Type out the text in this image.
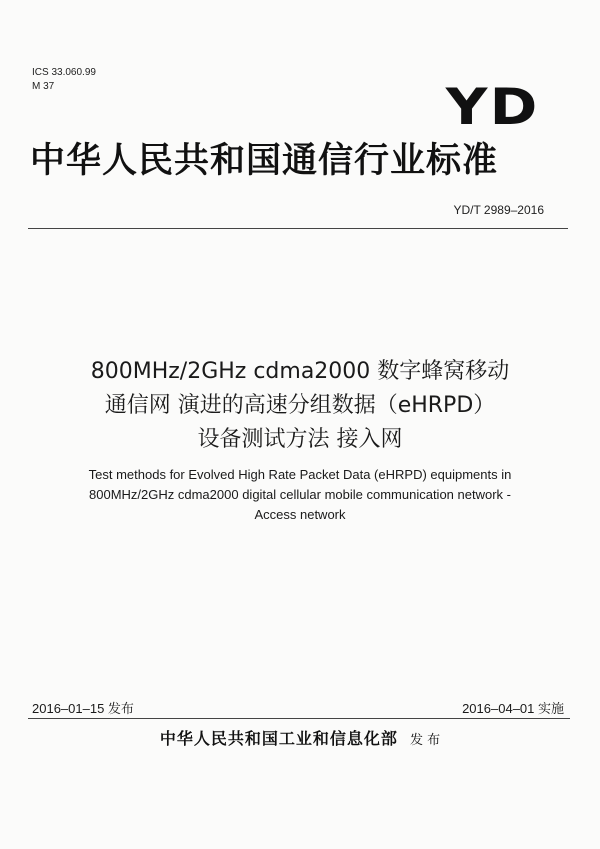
ICS 33.060.99
M 37	YD
中华人民共和国通信行业标准
YD/T 2989–2016
800MHz/2GHz cdma2000 数字蜂窝移动
通信网 演进的高速分组数据（eHRPD）
设备测试方法 接入网
Test methods for Evolved High Rate Packet Data (eHRPD) equipments in
800MHz/2GHz cdma2000 digital cellular mobile communication network -
Access network
2016–01–15 发布	2016–04–01 实施
中华人民共和国工业和信息化部 发 布
